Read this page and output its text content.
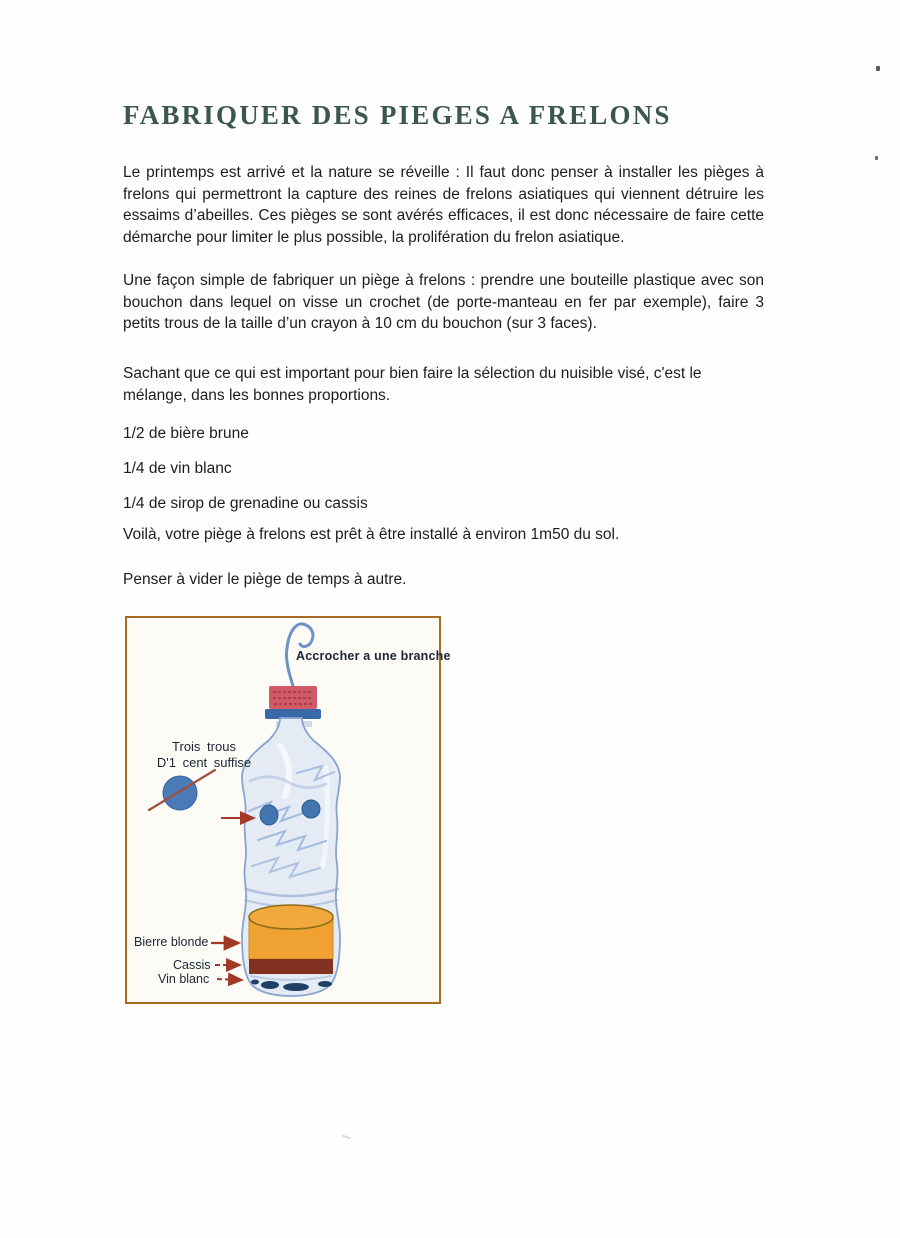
FABRIQUER DES PIEGES A FRELONS

Le printemps est arrivé et la nature se réveille : Il faut donc penser à installer les pièges à frelons qui permettront la capture des reines de frelons asiatiques qui viennent détruire les essaims d’abeilles. Ces pièges se sont avérés efficaces, il est donc nécessaire de faire cette démarche pour limiter le plus possible, la prolifération du frelon asiatique.

Une façon simple de fabriquer un piège à frelons : prendre une bouteille plastique avec son bouchon dans lequel on visse un crochet (de porte-manteau en fer par exemple), faire 3 petits trous de la taille d’un crayon à 10 cm du bouchon (sur 3 faces).

Sachant que ce qui est important pour bien faire la sélection du nuisible visé, c'est le mélange, dans les bonnes proportions.

1/2 de bière brune

1/4 de vin blanc

1/4 de sirop de grenadine ou cassis

Voilà, votre piège à frelons est prêt à être installé à environ 1m50 du sol.

Penser à vider le piège de temps à autre.

Accrocher a une branche
Trois trous
D'1 cent suffise
Bierre blonde
Cassis
Vin blanc
